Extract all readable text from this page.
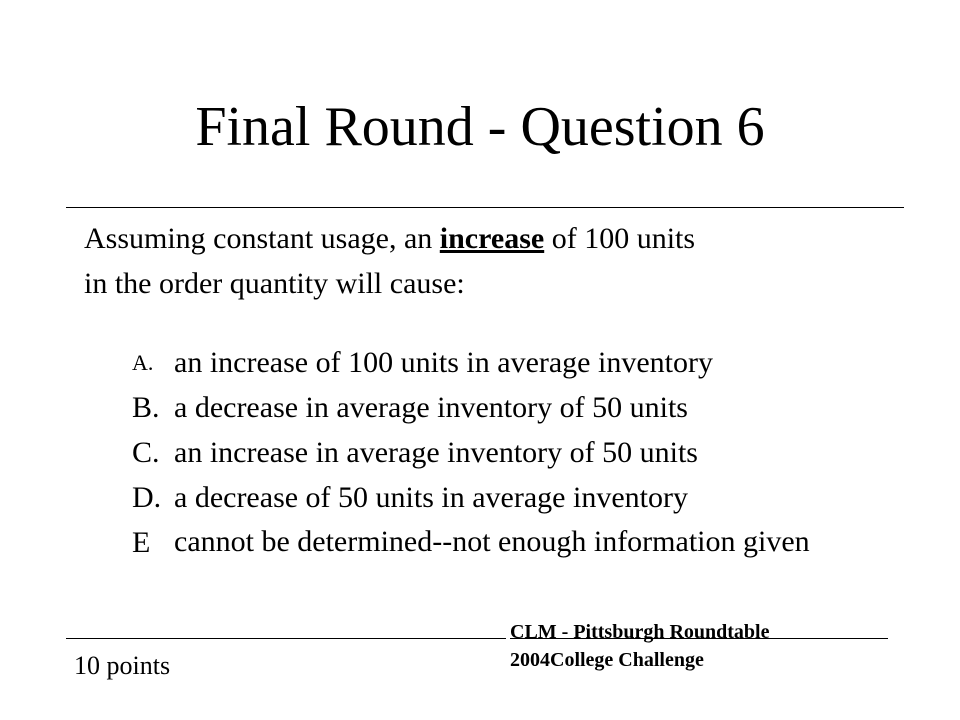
Final Round - Question 6
Assuming constant usage, an increase of 100 units
in the order quantity will cause:
A. an increase of 100 units in average inventory
B. a decrease in average inventory of 50 units
C. an increase in average inventory of 50 units
D. a decrease of 50 units in average inventory
E cannot be determined--not enough information given
10 points
CLM - Pittsburgh Roundtable
2004College Challenge
